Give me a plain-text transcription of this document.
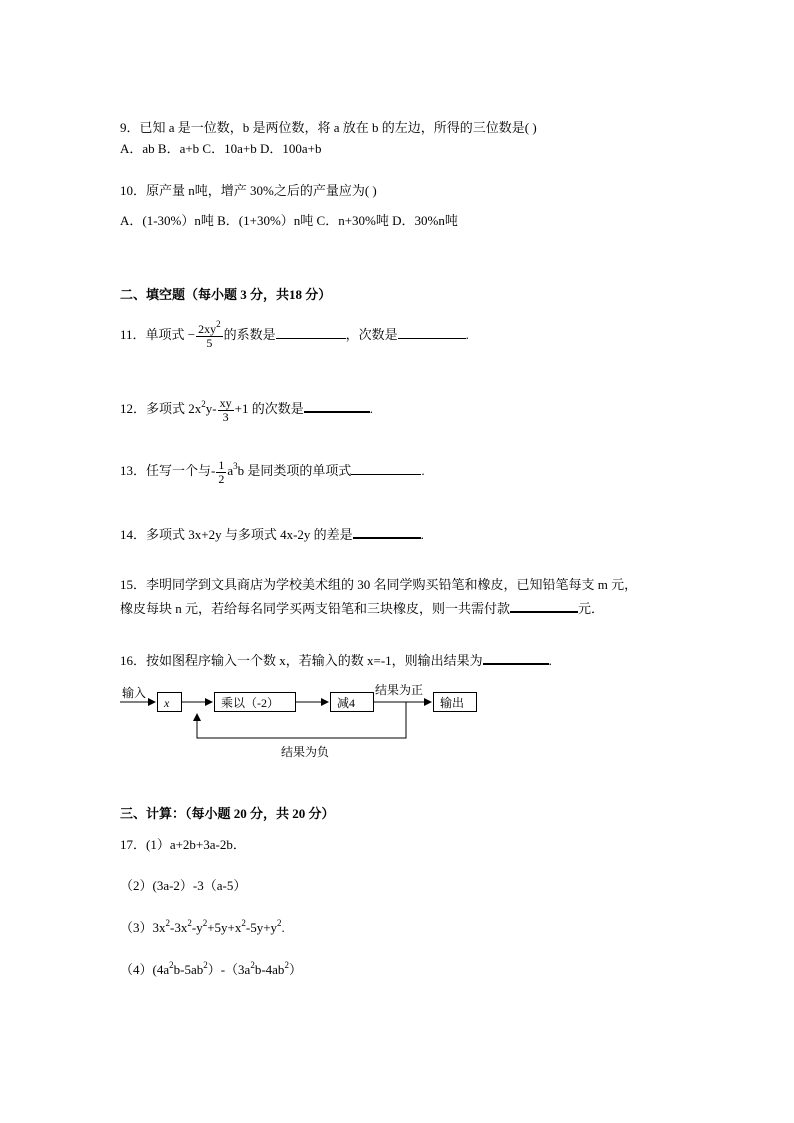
9．已知 a 是一位数，b 是两位数，将 a 放在 b 的左边，所得的三位数是( )
A．ab B．a+b C．10a+b D．100a+b
10．原产量 n吨，增产 30%之后的产量应为( )
A．(1-30%）n吨 B．(1+30%）n吨 C．n+30%吨 D．30%n吨
二、填空题（每小题 3 分，共18 分）
11．单项式 − $\frac{2xy^2}{5}$ 的系数是	，次数是	.
12．多项式 $2x^2y- \frac{xy}{3} +1$ 的次数是	.
13．任写一个与- $\frac{1}{2} a^3b$ 是同类项的单项式	.
14．多项式 3x+2y 与多项式 4x-2y 的差是	.
15．李明同学到文具商店为学校美术组的 30 名同学购买铅笔和橡皮，已知铅笔每支 m 元，
橡皮每块 n 元，若给每名同学买两支铅笔和三块橡皮，则一共需付款	元．
16．按如图程序输入一个数 x，若输入的数 x=-1，则输出结果为	.
输入
x	乘以（-2）	减4
结果为正
输出
结果为负
三、计算：（每小题 20 分，共 20 分）
17．(1）a+2b+3a-2b．
（2）(3a-2）-3（a-5）
$(3)3x^2-3x^2-y^2+5y+x^2-5y+y^2$.
$(4)(4a^2b-5ab^2)-(3a^2b-4ab^2)$
